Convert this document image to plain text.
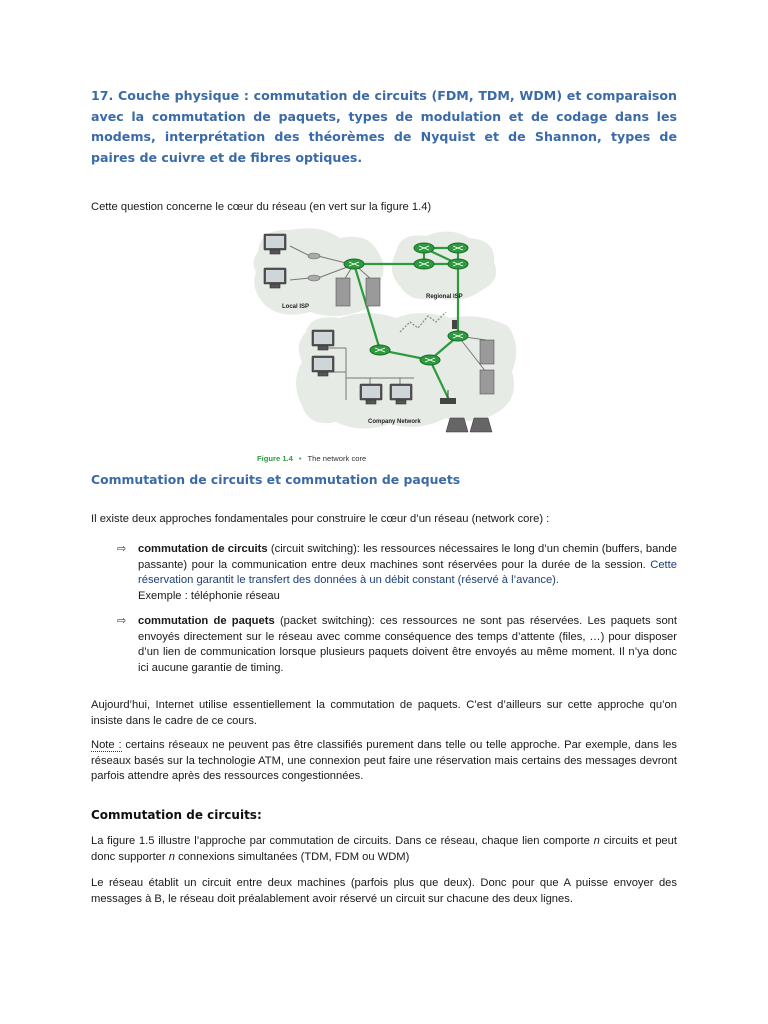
17. Couche physique : commutation de circuits (FDM, TDM, WDM) et comparaison avec la commutation de paquets, types de modulation et de codage dans les modems, interprétation des théorèmes de Nyquist et de Shannon, types de paires de cuivre et de fibres optiques.

Cette question concerne le cœur du réseau (en vert sur la figure 1.4)

Local ISP
Regional ISP
Company Network
Figure 1.4 • The network core

Commutation de circuits et commutation de paquets

Il existe deux approches fondamentales pour construire le cœur d’un réseau (network core) :

⇨ commutation de circuits (circuit switching): les ressources nécessaires le long d’un chemin (buffers, bande passante) pour la communication entre deux machines sont réservées pour la durée de la session. Cette réservation garantit le transfert des données à un débit constant (réservé à l’avance).
Exemple : téléphonie réseau
⇨ commutation de paquets (packet switching): ces ressources ne sont pas réservées. Les paquets sont envoyés directement sur le réseau avec comme conséquence des temps d’attente (files, …) pour disposer d’un lien de communication lorsque plusieurs paquets doivent être envoyés au même moment. Il n’ya donc ici aucune garantie de timing.

Aujourd’hui, Internet utilise essentiellement la commutation de paquets. C’est d’ailleurs sur cette approche qu’on insiste dans le cadre de ce cours.

Note : certains réseaux ne peuvent pas être classifiés purement dans telle ou telle approche. Par exemple, dans les réseaux basés sur la technologie ATM, une connexion peut faire une réservation mais certains des messages devront parfois attendre après des ressources congestionnées.

Commutation de circuits:

La figure 1.5 illustre l’approche par commutation de circuits. Dans ce réseau, chaque lien comporte n circuits et peut donc supporter n connexions simultanées (TDM, FDM ou WDM)

Le réseau établit un circuit entre deux machines (parfois plus que deux). Donc pour que A puisse envoyer des messages à B, le réseau doit préalablement avoir réservé un circuit sur chacune des deux lignes.
